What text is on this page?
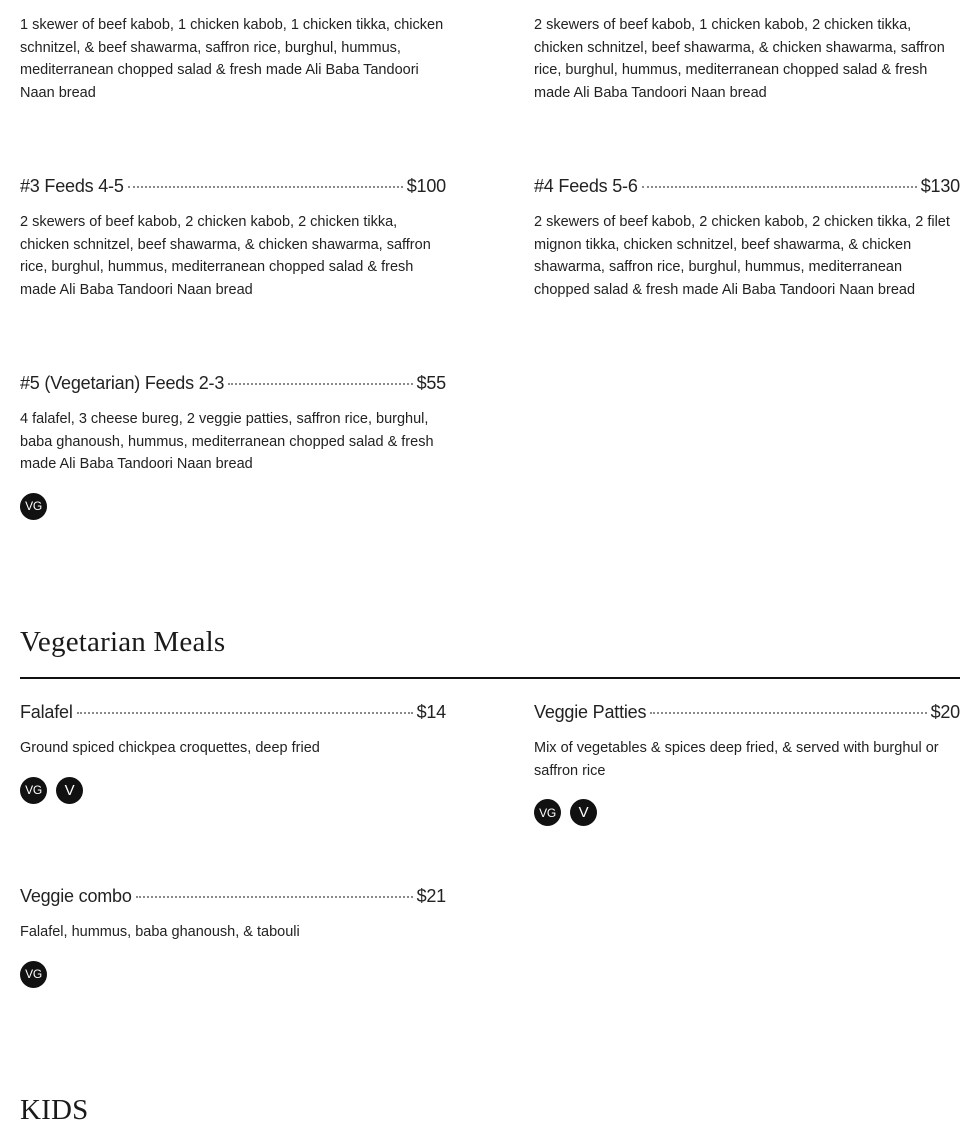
1 skewer of beef kabob, 1 chicken kabob, 1 chicken tikka, chicken schnitzel, & beef shawarma, saffron rice, burghul, hummus, mediterranean chopped salad & fresh made Ali Baba Tandoori Naan bread
2 skewers of beef kabob, 1 chicken kabob, 2 chicken tikka, chicken schnitzel, beef shawarma, & chicken shawarma, saffron rice, burghul, hummus, mediterranean chopped salad & fresh made Ali Baba Tandoori Naan bread
#3 Feeds 4-5	$100
2 skewers of beef kabob, 2 chicken kabob, 2 chicken tikka, chicken schnitzel, beef shawarma, & chicken shawarma, saffron rice, burghul, hummus, mediterranean chopped salad & fresh made Ali Baba Tandoori Naan bread
#4 Feeds 5-6	$130
2 skewers of beef kabob, 2 chicken kabob, 2 chicken tikka, 2 filet mignon tikka, chicken schnitzel, beef shawarma, & chicken shawarma, saffron rice, burghul, hummus, mediterranean chopped salad & fresh made Ali Baba Tandoori Naan bread
#5 (Vegetarian) Feeds 2-3	$55
4 falafel, 3 cheese bureg, 2 veggie patties, saffron rice, burghul, baba ghanoush, hummus, mediterranean chopped salad & fresh made Ali Baba Tandoori Naan bread
VG
Vegetarian Meals
Falafel	$14
Ground spiced chickpea croquettes, deep fried
VG	V
Veggie Patties	$20
Mix of vegetables & spices deep fried, & served with burghul or saffron rice
VG	V
Veggie combo	$21
Falafel, hummus, baba ghanoush, & tabouli
VG
KIDS
